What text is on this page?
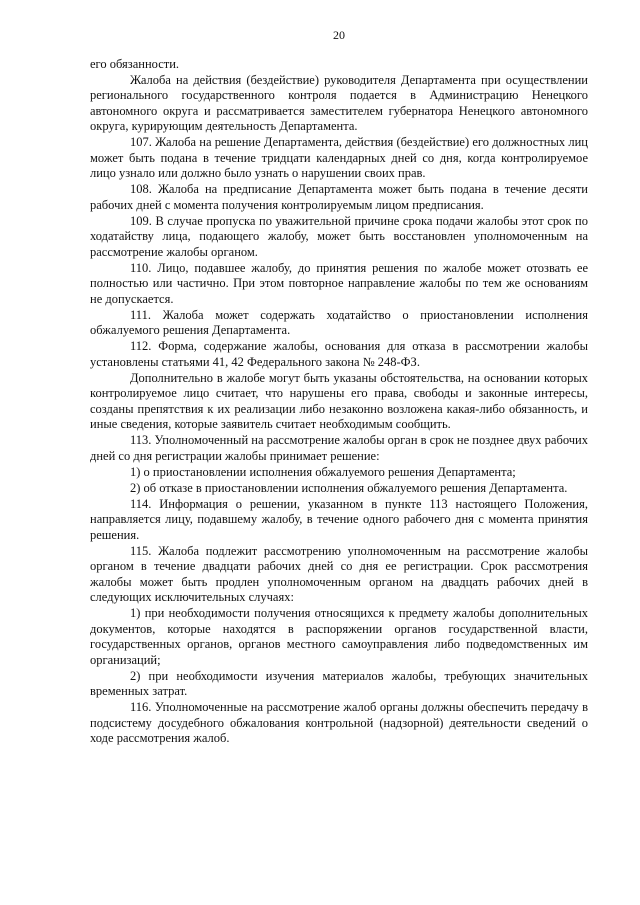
20

его обязанности.

Жалоба на действия (бездействие) руководителя Департамента при осуществлении регионального государственного контроля подается в Администрацию Ненецкого автономного округа и рассматривается заместителем губернатора Ненецкого автономного округа, курирующим деятельность Департамента.

107. Жалоба на решение Департамента, действия (бездействие) его должностных лиц может быть подана в течение тридцати календарных дней со дня, когда контролируемое лицо узнало или должно было узнать о нарушении своих прав.

108. Жалоба на предписание Департамента может быть подана в течение десяти рабочих дней с момента получения контролируемым лицом предписания.

109. В случае пропуска по уважительной причине срока подачи жалобы этот срок по ходатайству лица, подающего жалобу, может быть восстановлен уполномоченным на рассмотрение жалобы органом.

110. Лицо, подавшее жалобу, до принятия решения по жалобе может отозвать ее полностью или частично. При этом повторное направление жалобы по тем же основаниям не допускается.

111. Жалоба может содержать ходатайство о приостановлении исполнения обжалуемого решения Департамента.

112. Форма, содержание жалобы, основания для отказа в рассмотрении жалобы установлены статьями 41, 42 Федерального закона № 248-ФЗ.

Дополнительно в жалобе могут быть указаны обстоятельства, на основании которых контролируемое лицо считает, что нарушены его права, свободы и законные интересы, созданы препятствия к их реализации либо незаконно возложена какая-либо обязанность, и иные сведения, которые заявитель считает необходимым сообщить.

113. Уполномоченный на рассмотрение жалобы орган в срок не позднее двух рабочих дней со дня регистрации жалобы принимает решение:

1) о приостановлении исполнения обжалуемого решения Департамента;

2) об отказе в приостановлении исполнения обжалуемого решения Департамента.

114. Информация о решении, указанном в пункте 113 настоящего Положения, направляется лицу, подавшему жалобу, в течение одного рабочего дня с момента принятия решения.

115. Жалоба подлежит рассмотрению уполномоченным на рассмотрение жалобы органом в течение двадцати рабочих дней со дня ее регистрации. Срок рассмотрения жалобы может быть продлен уполномоченным органом на двадцать рабочих дней в следующих исключительных случаях:

1) при необходимости получения относящихся к предмету жалобы дополнительных документов, которые находятся в распоряжении органов государственной власти, государственных органов, органов местного самоуправления либо подведомственных им организаций;

2) при необходимости изучения материалов жалобы, требующих значительных временных затрат.

116. Уполномоченные на рассмотрение жалоб органы должны обеспечить передачу в подсистему досудебного обжалования контрольной (надзорной) деятельности сведений о ходе рассмотрения жалоб.
